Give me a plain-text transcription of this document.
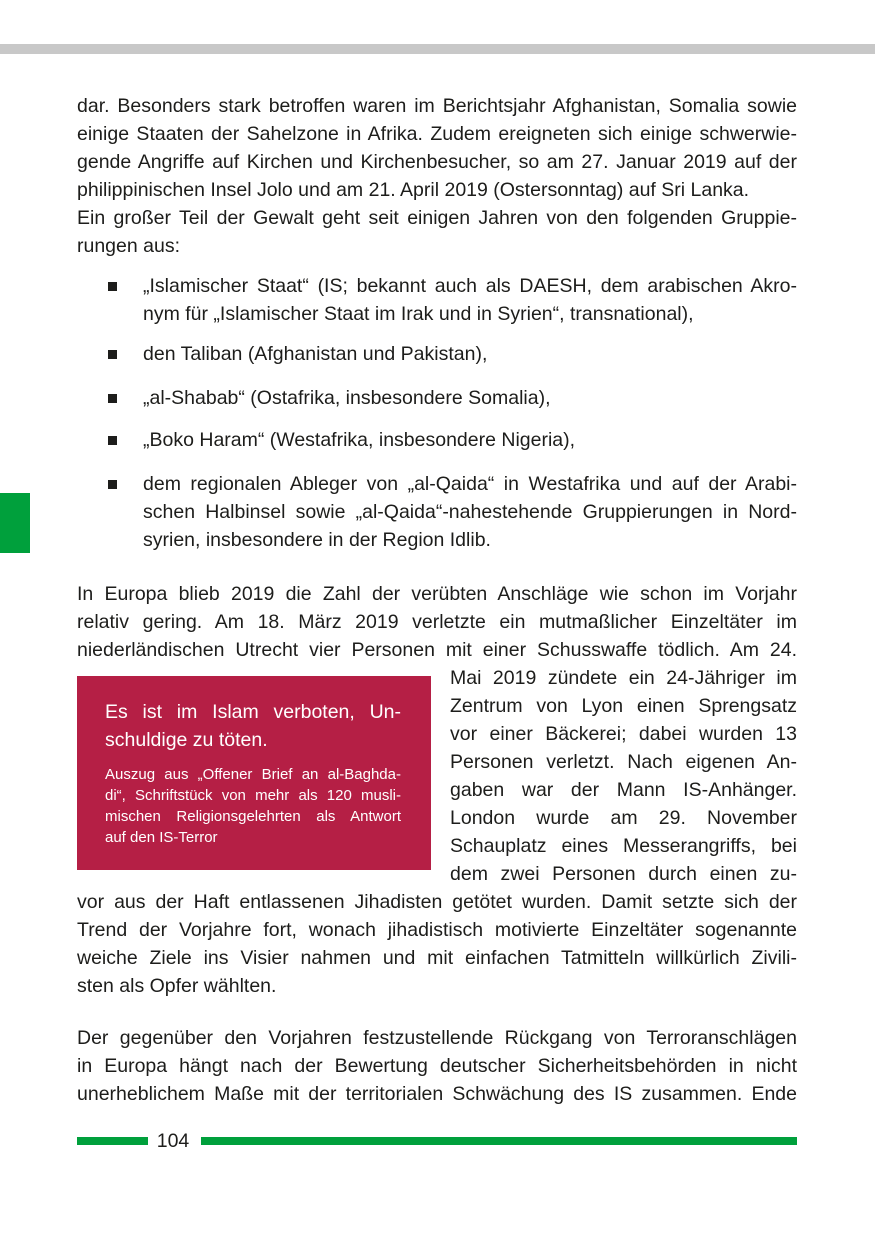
dar. Besonders stark betroffen waren im Berichtsjahr Afghanistan, Somalia sowie
einige Staaten der Sahelzone in Afrika. Zudem ereigneten sich einige schwerwie-
gende Angriffe auf Kirchen und Kirchenbesucher, so am 27. Januar 2019 auf der
philippinischen Insel Jolo und am 21. April 2019 (Ostersonntag) auf Sri Lanka.
Ein großer Teil der Gewalt geht seit einigen Jahren von den folgenden Gruppie-
rungen aus:
„Islamischer Staat“ (IS; bekannt auch als DAESH, dem arabischen Akro-
nym für „Islamischer Staat im Irak und in Syrien“, transnational),
den Taliban (Afghanistan und Pakistan),
„al-Shabab“ (Ostafrika, insbesondere Somalia),
„Boko Haram“ (Westafrika, insbesondere Nigeria),
dem regionalen Ableger von „al-Qaida“ in Westafrika und auf der Arabi-
schen Halbinsel sowie „al-Qaida“-nahestehende Gruppierungen in Nord-
syrien, insbesondere in der Region Idlib.
In Europa blieb 2019 die Zahl der verübten Anschläge wie schon im Vorjahr
relativ gering. Am 18. März 2019 verletzte ein mutmaßlicher Einzeltäter im
niederländischen Utrecht vier Personen mit einer Schusswaffe tödlich. Am 24.
Mai 2019 zündete ein 24-Jähriger im
Zentrum von Lyon einen Sprengsatz
vor einer Bäckerei; dabei wurden 13
Personen verletzt. Nach eigenen An-
gaben war der Mann IS-Anhänger.
London wurde am 29. November
Schauplatz eines Messerangriffs, bei
dem zwei Personen durch einen zu-
vor aus der Haft entlassenen Jihadisten getötet wurden. Damit setzte sich der
Trend der Vorjahre fort, wonach jihadistisch motivierte Einzeltäter sogenannte
weiche Ziele ins Visier nahmen und mit einfachen Tatmitteln willkürlich Zivili-
sten als Opfer wählten.
Es ist im Islam verboten, Un-
schuldige zu töten.
Auszug aus „Offener Brief an al-Baghda-
di“, Schriftstück von mehr als 120 musli-
mischen Religionsgelehrten als Antwort
auf den IS-Terror
Der gegenüber den Vorjahren festzustellende Rückgang von Terroranschlägen
in Europa hängt nach der Bewertung deutscher Sicherheitsbehörden in nicht
unerheblichem Maße mit der territorialen Schwächung des IS zusammen. Ende
104
